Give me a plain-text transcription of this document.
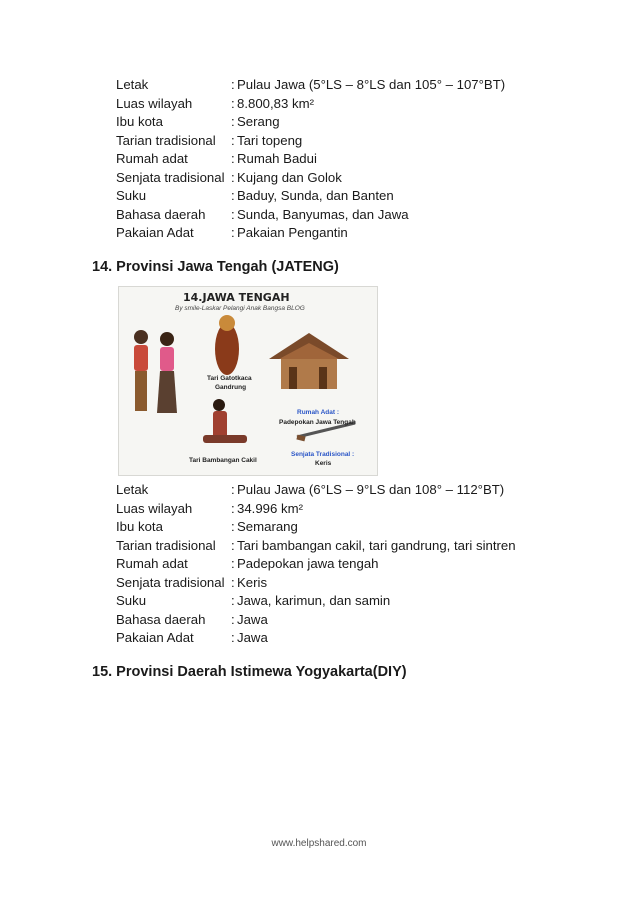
Letak	: Pulau Jawa (5°LS – 8°LS dan 105° – 107°BT)
Luas wilayah	: 8.800,83 km²
Ibu kota	: Serang
Tarian tradisional	: Tari topeng
Rumah adat	: Rumah Badui
Senjata tradisional : Kujang dan Golok
Suku	: Baduy, Sunda, dan Banten
Bahasa daerah	: Sunda, Banyumas, dan Jawa
Pakaian Adat	: Pakaian Pengantin
14. Provinsi Jawa Tengah (JATENG)
14.JAWA TENGAH
By smile-Laskar Pelangi Anak Bangsa BLOG
Tari Gatotkaca
Gandrung
Rumah Adat :
Padepokan Jawa Tengah
Senjata Tradisional :
Keris
Tari Bambangan Cakil
Letak	: Pulau Jawa (6°LS – 9°LS dan 108° – 112°BT)
Luas wilayah	: 34.996 km²
Ibu kota	: Semarang
Tarian tradisional	: Tari bambangan cakil, tari gandrung, tari sintren
Rumah adat	: Padepokan jawa tengah
Senjata tradisional : Keris
Suku	: Jawa, karimun, dan samin
Bahasa daerah	: Jawa
Pakaian Adat	: Jawa
15. Provinsi Daerah Istimewa Yogyakarta(DIY)
www.helpshared.com
